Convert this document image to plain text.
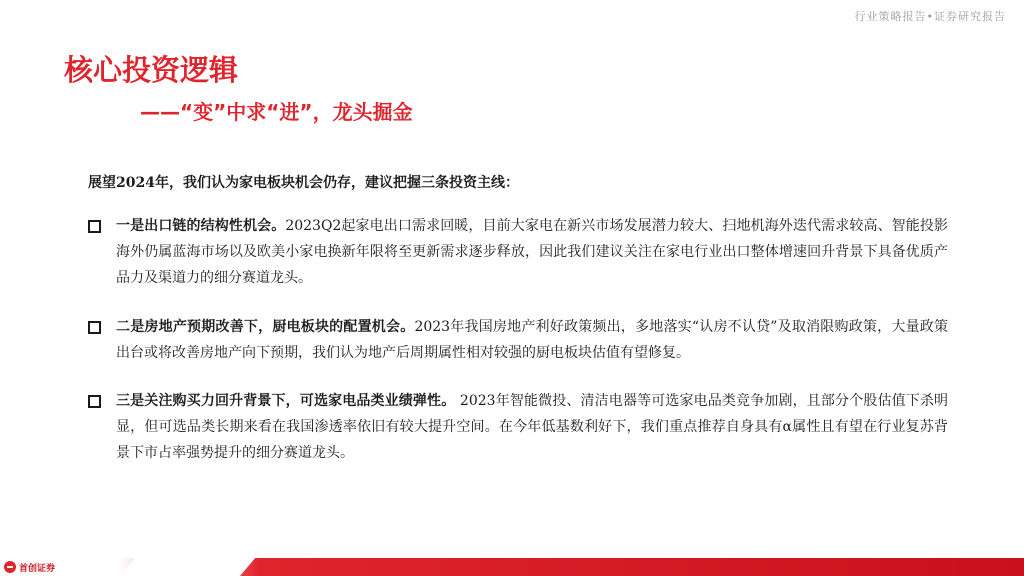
行业策略报告•证券研究报告
核心投资逻辑
——“变”中求“进”，龙头掘金
展望2024年，我们认为家电板块机会仍存，建议把握三条投资主线：
一是出口链的结构性机会。2023Q2起家电出口需求回暖，目前大家电在新兴市场发展潜力较大、扫地机海外迭代需求较高、智能投影海外仍属蓝海市场以及欧美小家电换新年限将至更新需求逐步释放，因此我们建议关注在家电行业出口整体增速回升背景下具备优质产品力及渠道力的细分赛道龙头。
二是房地产预期改善下，厨电板块的配置机会。2023年我国房地产利好政策频出，多地落实“认房不认贷”及取消限购政策，大量政策出台或将改善房地产向下预期，我们认为地产后周期属性相对较强的厨电板块估值有望修复。
三是关注购买力回升背景下，可选家电品类业绩弹性。 2023年智能微投、清洁电器等可选家电品类竞争加剧，且部分个股估值下杀明显，但可选品类长期来看在我国渗透率依旧有较大提升空间。在今年低基数利好下，我们重点推荐自身具有α属性且有望在行业复苏背景下市占率强势提升的细分赛道龙头。
首创证券
